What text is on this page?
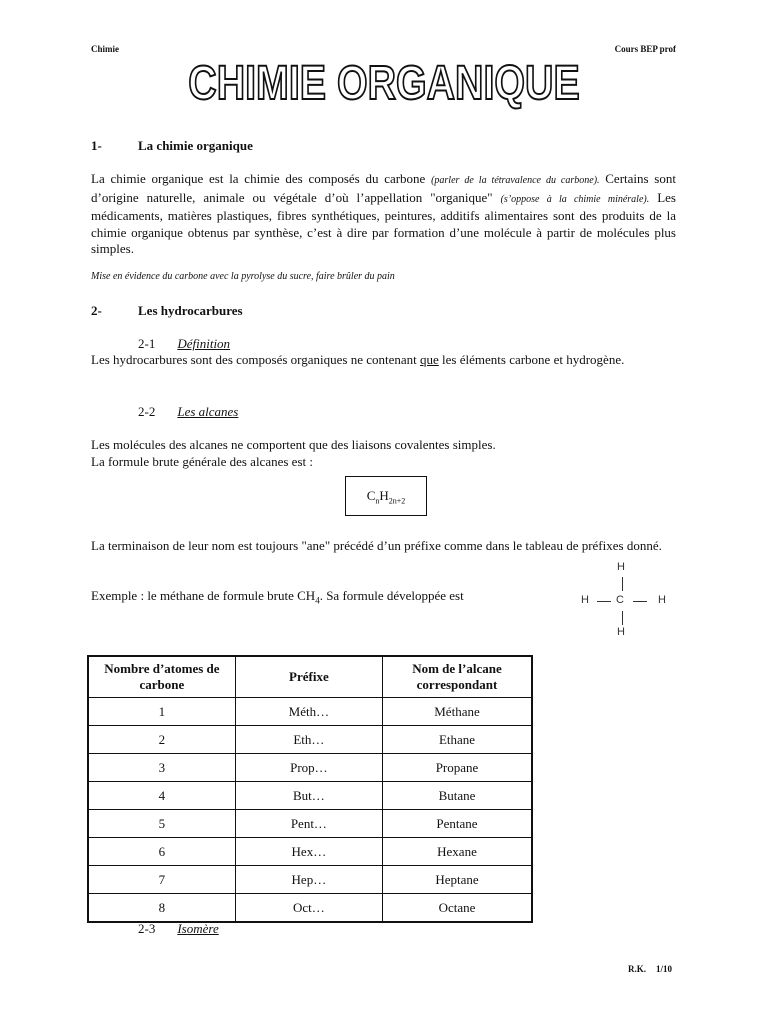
Chimie	Cours BEP prof
CHIMIE ORGANIQUE
1-	La chimie organique
La chimie organique est la chimie des composés du carbone (parler de la tétravalence du carbone). Certains sont d’origine naturelle, animale ou végétale d’où l’appellation "organique" (s’oppose à la chimie minérale). Les médicaments, matières plastiques, fibres synthétiques, peintures, additifs alimentaires sont des produits de la chimie organique obtenus par synthèse, c’est à dire par formation d’une molécule à partir de molécules plus simples.
Mise en évidence du carbone avec la pyrolyse du sucre, faire brûler du pain
2-	Les hydrocarbures
2-1 Définition
Les hydrocarbures sont des composés organiques ne contenant que les éléments carbone et hydrogène.
2-2 Les alcanes
Les molécules des alcanes ne comportent que des liaisons covalentes simples.
La formule brute générale des alcanes est :
$C_nH_{2n+2}$
La terminaison de leur nom est toujours "ane" précédé d’un préfixe comme dans le tableau de préfixes donné.
Exemple : le méthane de formule brute $CH_4$. Sa formule développée est
H
H C	H
H
Nombre d’atomes de carbone	Préfixe	Nom de l’alcane correspondant
1	Méth…	Méthane
2	Eth…	Ethane
3	Prop…	Propane
4	But…	Butane
5	Pent…	Pentane
6	Hex…	Hexane
7	Hep…	Heptane
8	Oct…	Octane
2-3 Isomère
R.K. 1/10
